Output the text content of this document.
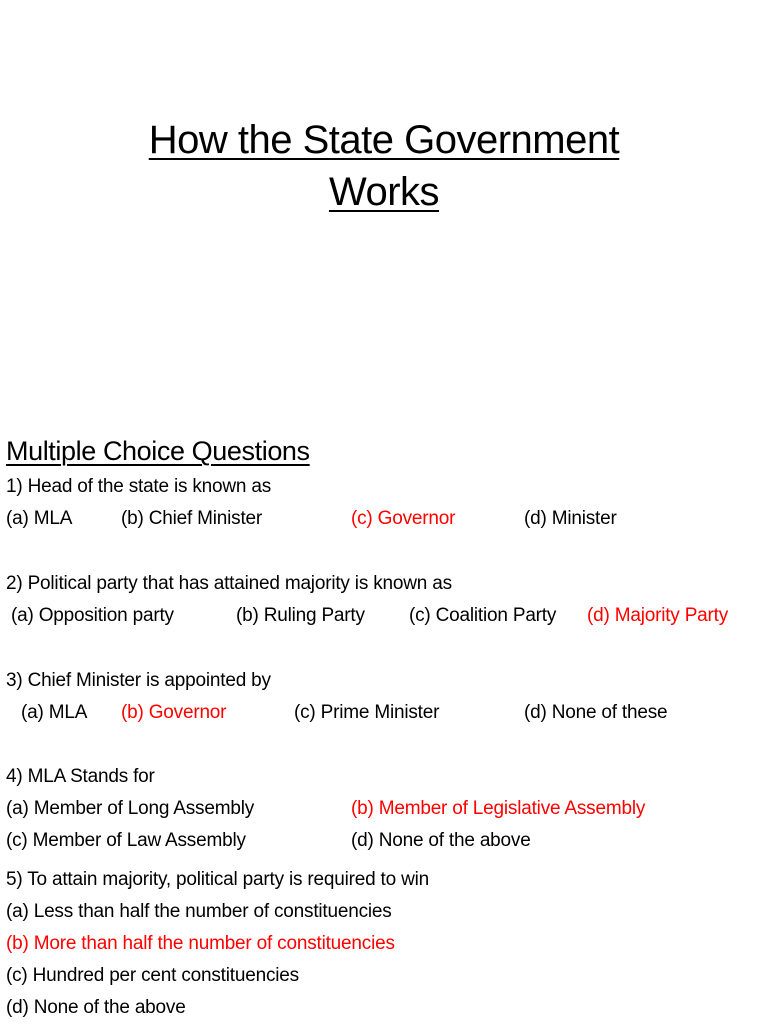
How the State Government
Works
Multiple Choice Questions
1) Head of the state is known as
(a) MLA	(b) Chief Minister	(c) Governor	(d) Minister
2) Political party that has attained majority is known as
(a) Opposition party	(b) Ruling Party (c) Coalition Party (d) Majority Party
3) Chief Minister is appointed by
(a) MLA (b) Governor	(c) Prime Minister	(d) None of these
4) MLA Stands for
(a) Member of Long Assembly	(b) Member of Legislative Assembly
(c) Member of Law Assembly	(d) None of the above
5) To attain majority, political party is required to win
(a) Less than half the number of constituencies
(b) More than half the number of constituencies
(c) Hundred per cent constituencies
(d) None of the above
